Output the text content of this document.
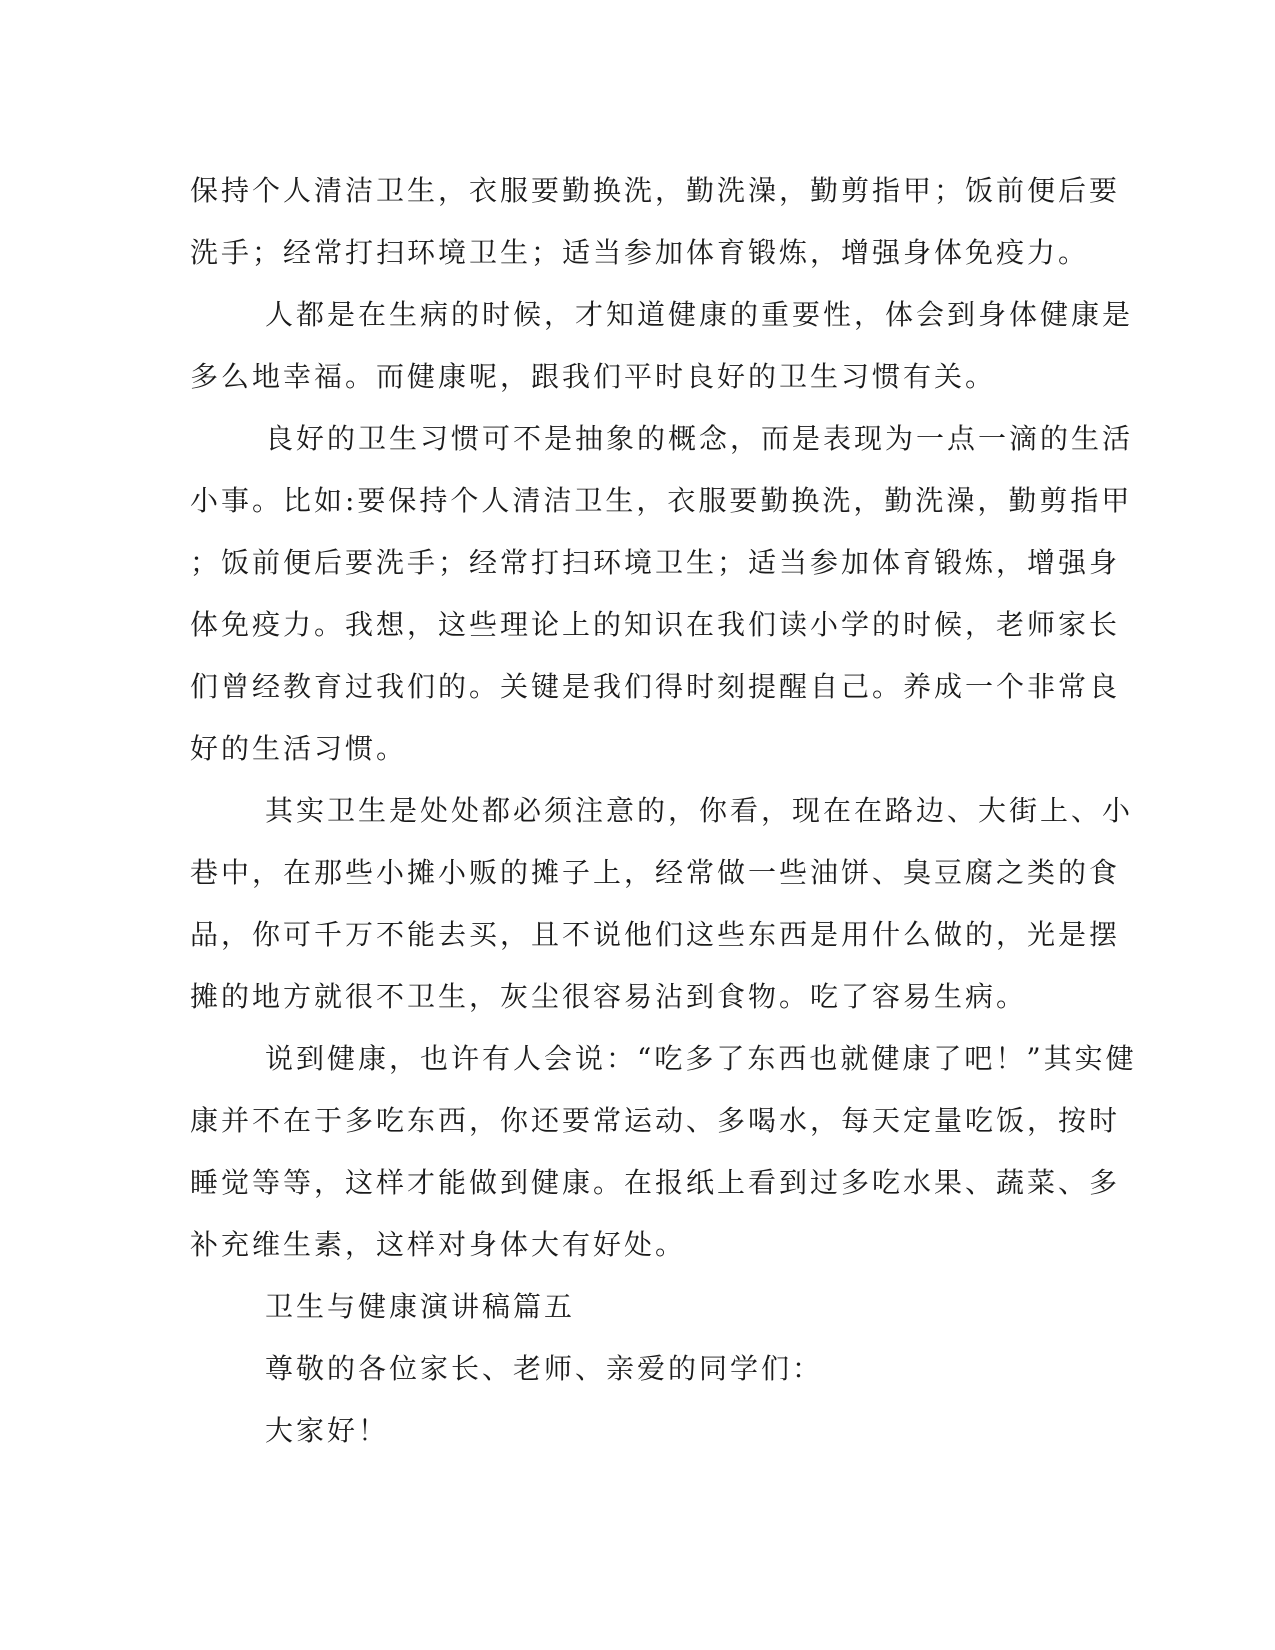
保持个人清洁卫生，衣服要勤换洗，勤洗澡，勤剪指甲；饭前便后要
洗手；经常打扫环境卫生；适当参加体育锻炼，增强身体免疫力。
人都是在生病的时候，才知道健康的重要性，体会到身体健康是
多么地幸福。而健康呢，跟我们平时良好的卫生习惯有关。
良好的卫生习惯可不是抽象的概念，而是表现为一点一滴的生活
小事。比如:要保持个人清洁卫生，衣服要勤换洗，勤洗澡，勤剪指甲
；饭前便后要洗手；经常打扫环境卫生；适当参加体育锻炼，增强身
体免疫力。我想，这些理论上的知识在我们读小学的时候，老师家长
们曾经教育过我们的。关键是我们得时刻提醒自己。养成一个非常良
好的生活习惯。
其实卫生是处处都必须注意的，你看，现在在路边、大街上、小
巷中，在那些小摊小贩的摊子上，经常做一些油饼、臭豆腐之类的食
品，你可千万不能去买，且不说他们这些东西是用什么做的，光是摆
摊的地方就很不卫生，灰尘很容易沾到食物。吃了容易生病。
说到健康，也许有人会说：“吃多了东西也就健康了吧！”其实健
康并不在于多吃东西，你还要常运动、多喝水，每天定量吃饭，按时
睡觉等等，这样才能做到健康。在报纸上看到过多吃水果、蔬菜、多
补充维生素，这样对身体大有好处。
卫生与健康演讲稿篇五
尊敬的各位家长、老师、亲爱的同学们：
大家好！
